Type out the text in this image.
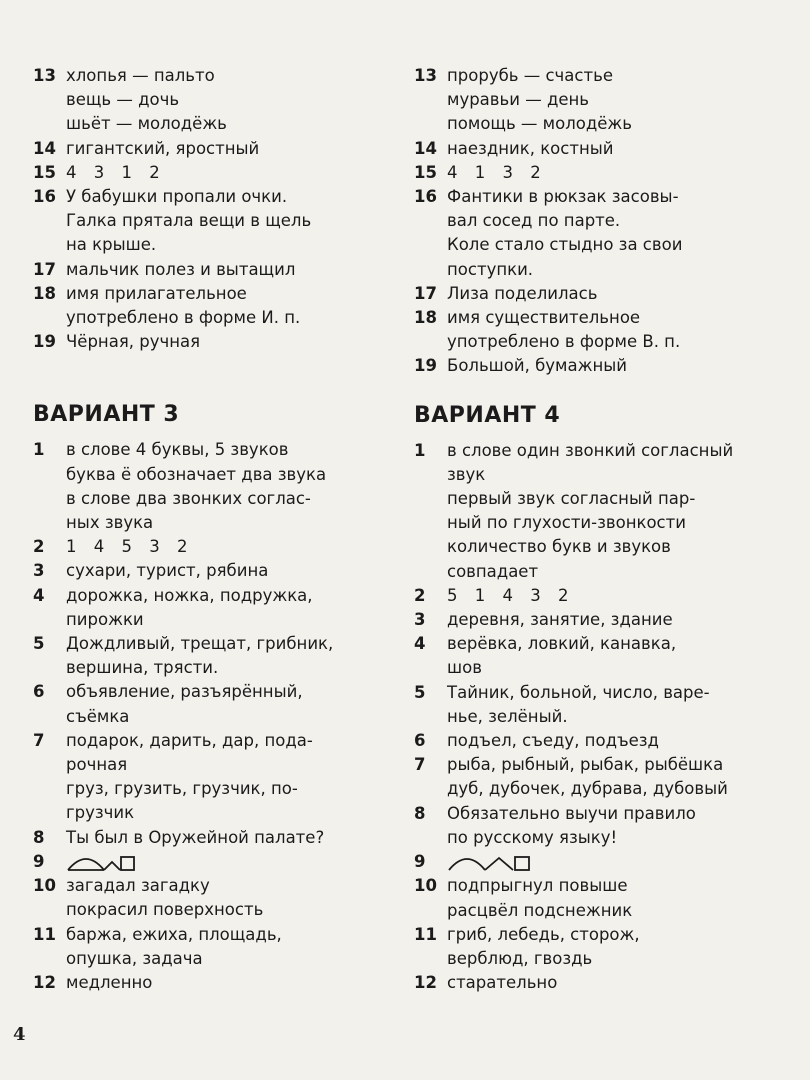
13 хлопья — пальто
вещь — дочь
шьёт — молодёжь
14 гигантский, яростный
15 4 3 1 2
16 У бабушки пропали очки.
Галка прятала вещи в щель
на крыше.
17 мальчик полез и вытащил
18 имя прилагательное
употреблено в форме И. п.
19 Чёрная, ручная
ВАРИАНТ 3
1	в слове 4 буквы, 5 звуков
буква ё обозначает два звука
в слове два звонких соглас-
ных звука
2	1 4 5 3 2
3	сухари, турист, рябина
4	дорожка, ножка, подружка,
пирожки
5	Дождливый, трещат, грибник,
вершина, трясти.
6	объявление, разъярённый,
съёмка
7	подарок, дарить, дар, пода-
рочная
груз, грузить, грузчик, по-
грузчик
8	Ты был в Оружейной палате?
9
10 загадал загадку
покрасил поверхность
11 баржа, ежиха, площадь,
опушка, задача
12 медленно
13 прорубь — счастье
муравьи — день
помощь — молодёжь
14 наездник, костный
15 4 1 3 2
16 Фантики в рюкзак засовы-
вал сосед по парте.
Коле стало стыдно за свои
поступки.
17 Лиза поделилась
18 имя существительное
употреблено в форме В. п.
19 Большой, бумажный
ВАРИАНТ 4
1	в слове один звонкий согласный
звук
первый звук согласный пар-
ный по глухости-звонкости
количество букв и звуков
совпадает
2	5 1 4 3 2
3	деревня, занятие, здание
4	верёвка, ловкий, канавка,
шов
5	Тайник, больной, число, варе-
нье, зелёный.
6	подъел, съеду, подъезд
7	рыба, рыбный, рыбак, рыбёшка
дуб, дубочек, дубрава, дубовый
8	Обязательно выучи правило
по русскому языку!
9
10 подпрыгнул повыше
расцвёл подснежник
11 гриб, лебедь, сторож,
верблюд, гвоздь
12 старательно
4
